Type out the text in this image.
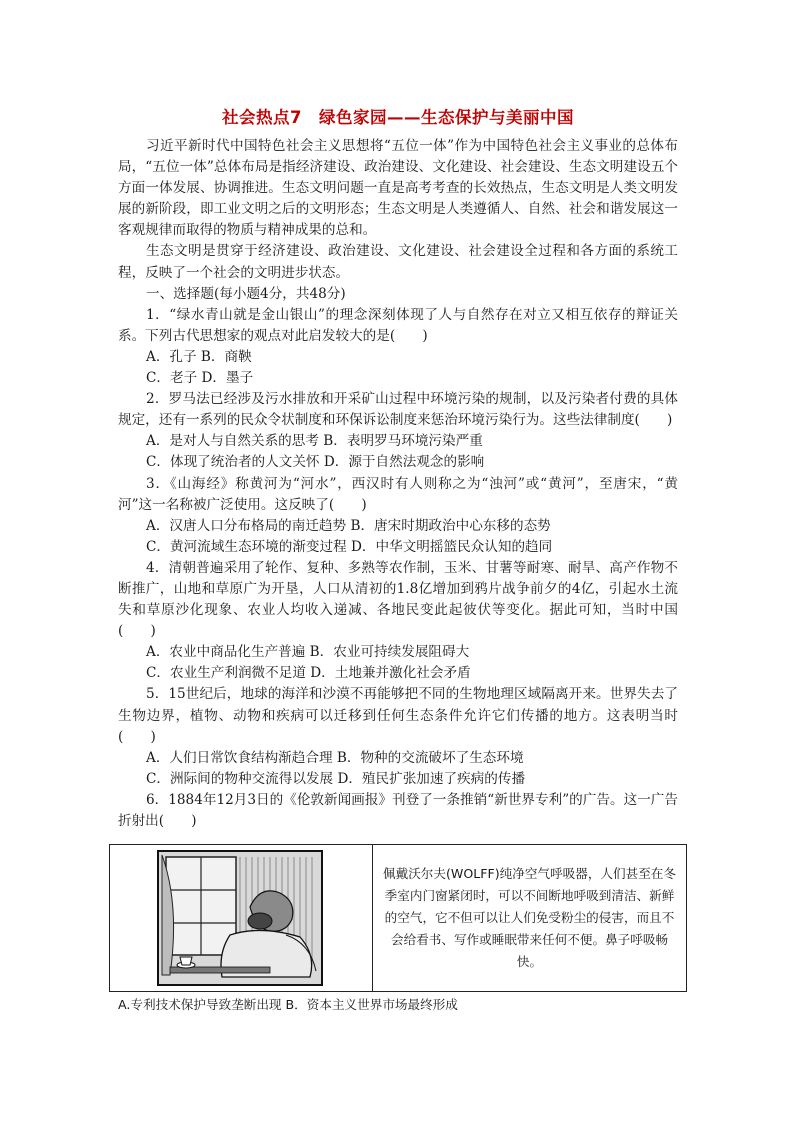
社会热点7　绿色家园——生态保护与美丽中国

习近平新时代中国特色社会主义思想将“五位一体”作为中国特色社会主义事业的总体布局，“五位一体”总体布局是指经济建设、政治建设、文化建设、社会建设、生态文明建设五个方面一体发展、协调推进。生态文明问题一直是高考考查的长效热点，生态文明是人类文明发展的新阶段，即工业文明之后的文明形态；生态文明是人类遵循人、自然、社会和谐发展这一客观规律而取得的物质与精神成果的总和。

生态文明是贯穿于经济建设、政治建设、文化建设、社会建设全过程和各方面的系统工程，反映了一个社会的文明进步状态。

一、选择题(每小题4分，共48分)

1．“绿水青山就是金山银山”的理念深刻体现了人与自然存在对立又相互依存的辩证关系。下列古代思想家的观点对此启发较大的是(　　)

A．孔子 B．商鞅

C．老子 D．墨子

2．罗马法已经涉及污水排放和开采矿山过程中环境污染的规制，以及污染者付费的具体规定，还有一系列的民众令状制度和环保诉讼制度来惩治环境污染行为。这些法律制度(　　)

A．是对人与自然关系的思考 B．表明罗马环境污染严重

C．体现了统治者的人文关怀 D．源于自然法观念的影响

3．《山海经》称黄河为“河水”，西汉时有人则称之为“浊河”或“黄河”，至唐宋，“黄河”这一名称被广泛使用。这反映了(　　)

A．汉唐人口分布格局的南迁趋势 B．唐宋时期政治中心东移的态势

C．黄河流域生态环境的渐变过程 D．中华文明摇篮民众认知的趋同

4．清朝普遍采用了轮作、复种、多熟等农作制，玉米、甘薯等耐寒、耐旱、高产作物不断推广，山地和草原广为开垦，人口从清初的1.8亿增加到鸦片战争前夕的4亿，引起水土流失和草原沙化现象、农业人均收入递减、各地民变此起彼伏等变化。据此可知，当时中国(　　)

A．农业中商品化生产普遍 B．农业可持续发展阻碍大

C．农业生产利润微不足道 D．土地兼并激化社会矛盾

5．15世纪后，地球的海洋和沙漠不再能够把不同的生物地理区域隔离开来。世界失去了生物边界，植物、动物和疾病可以迁移到任何生态条件允许它们传播的地方。这表明当时(　　)

A．人们日常饮食结构渐趋合理 B．物种的交流破坏了生态环境

C．洲际间的物种交流得以发展 D．殖民扩张加速了疾病的传播

6．1884年12月3日的《伦敦新闻画报》刊登了一条推销“新世界专利”的广告。这一广告折射出(　　)

佩戴沃尔夫(WOLFF)纯净空气呼吸器，人们甚至在冬季室内门窗紧闭时，可以不间断地呼吸到清洁、新鲜的空气，它不但可以让人们免受粉尘的侵害，而且不会给看书、写作或睡眠带来任何不便。鼻子呼吸畅快。
A.专利技术保护导致垄断出现 B．资本主义世界市场最终形成
